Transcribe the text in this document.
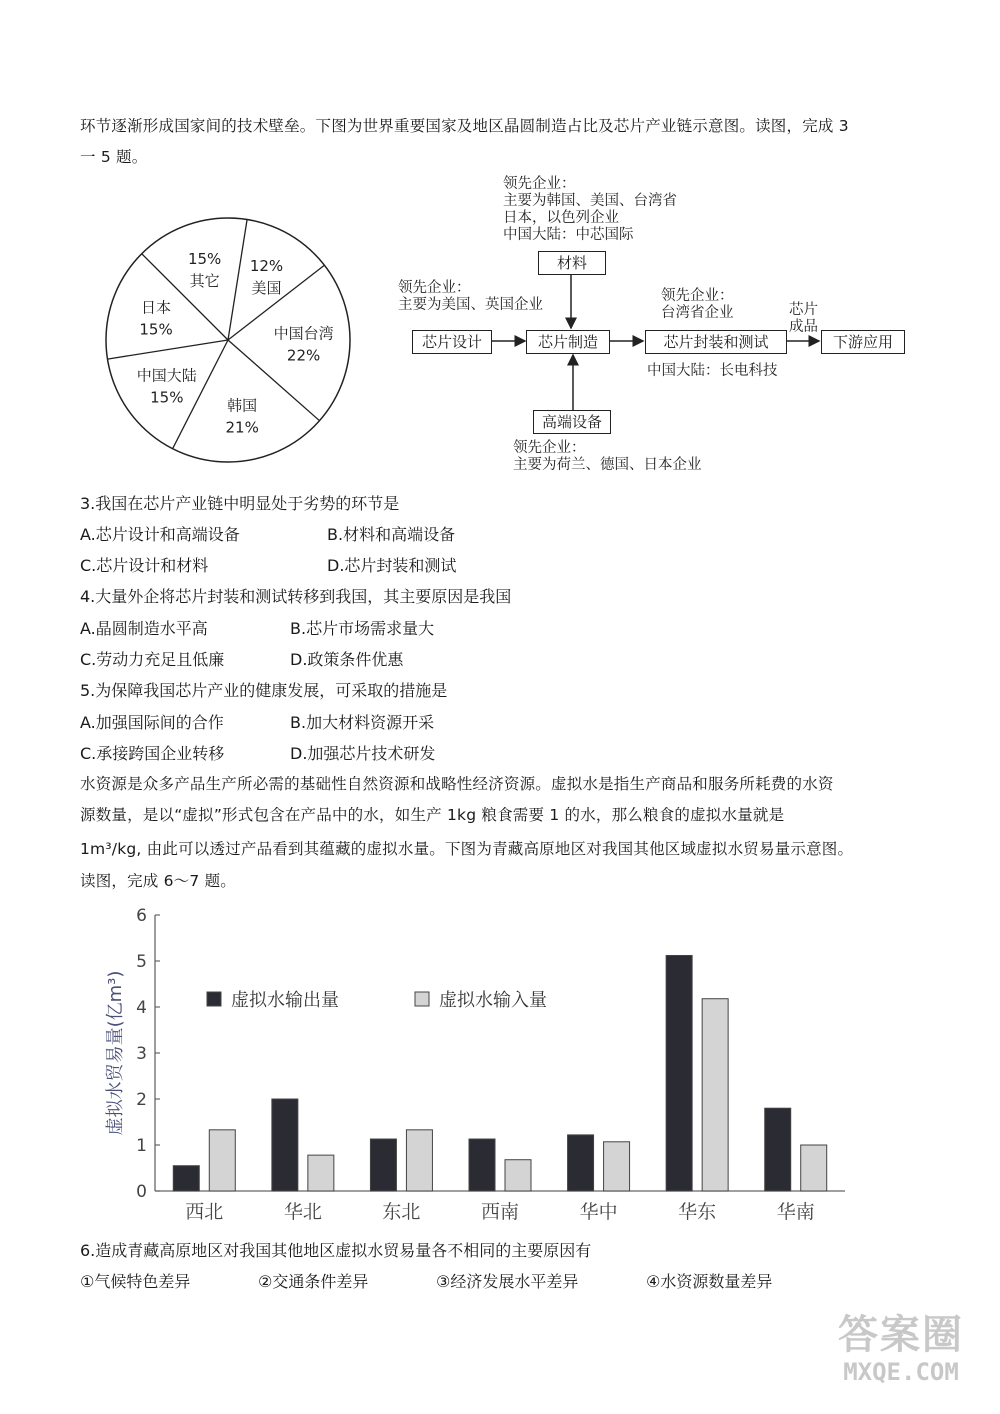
环节逐渐形成国家间的技术壁垒。下图为世界重要国家及地区晶圆制造占比及芯片产业链示意图。读图，完成 3
一 5 题。
12%
美国
中国台湾
22%
韩国
21%
中国大陆
15%
日本
15%
15%
其它
领先企业：
主要为韩国、美国、台湾省
日本，以色列企业
中国大陆：中芯国际
材料
领先企业：
主要为美国、英国企业
芯片设计	芯片制造
领先企业：
台湾省企业
芯片封装和测试
中国大陆：长电科技
芯片
成品
下游应用
高端设备
领先企业：
主要为荷兰、德国、日本企业
3.我国在芯片产业链中明显处于劣势的环节是
A.芯片设计和高端设备	B.材料和高端设备
C.芯片设计和材料	D.芯片封装和测试
4.大量外企将芯片封装和测试转移到我国，其主要原因是我国
A.晶圆制造水平高	B.芯片市场需求量大
C.劳动力充足且低廉	D.政策条件优惠
5.为保障我国芯片产业的健康发展，可采取的措施是
A.加强国际间的合作	B.加大材料资源开采
C.承接跨国企业转移	D.加强芯片技术研发
水资源是众多产品生产所必需的基础性自然资源和战略性经济资源。虚拟水是指生产商品和服务所耗费的水资
源数量，是以“虚拟”形式包含在产品中的水，如生产 1kg 粮食需要 1 的水，那么粮食的虚拟水量就是
1m³/kg, 由此可以透过产品看到其蕴藏的虚拟水量。下图为青藏高原地区对我国其他区域虚拟水贸易量示意图。
读图，完成 6～7 题。
0
1
2
3
4
5
6
虚拟水贸易量(亿m³)
西北	华北	东北	西南	华中	华东	华南
虚拟水输出量	虚拟水输入量
6.造成青藏高原地区对我国其他地区虚拟水贸易量各不相同的主要原因有
①气候特色差异	②交通条件差异	③经济发展水平差异	④水资源数量差异
答案圈
MXQE.COM
